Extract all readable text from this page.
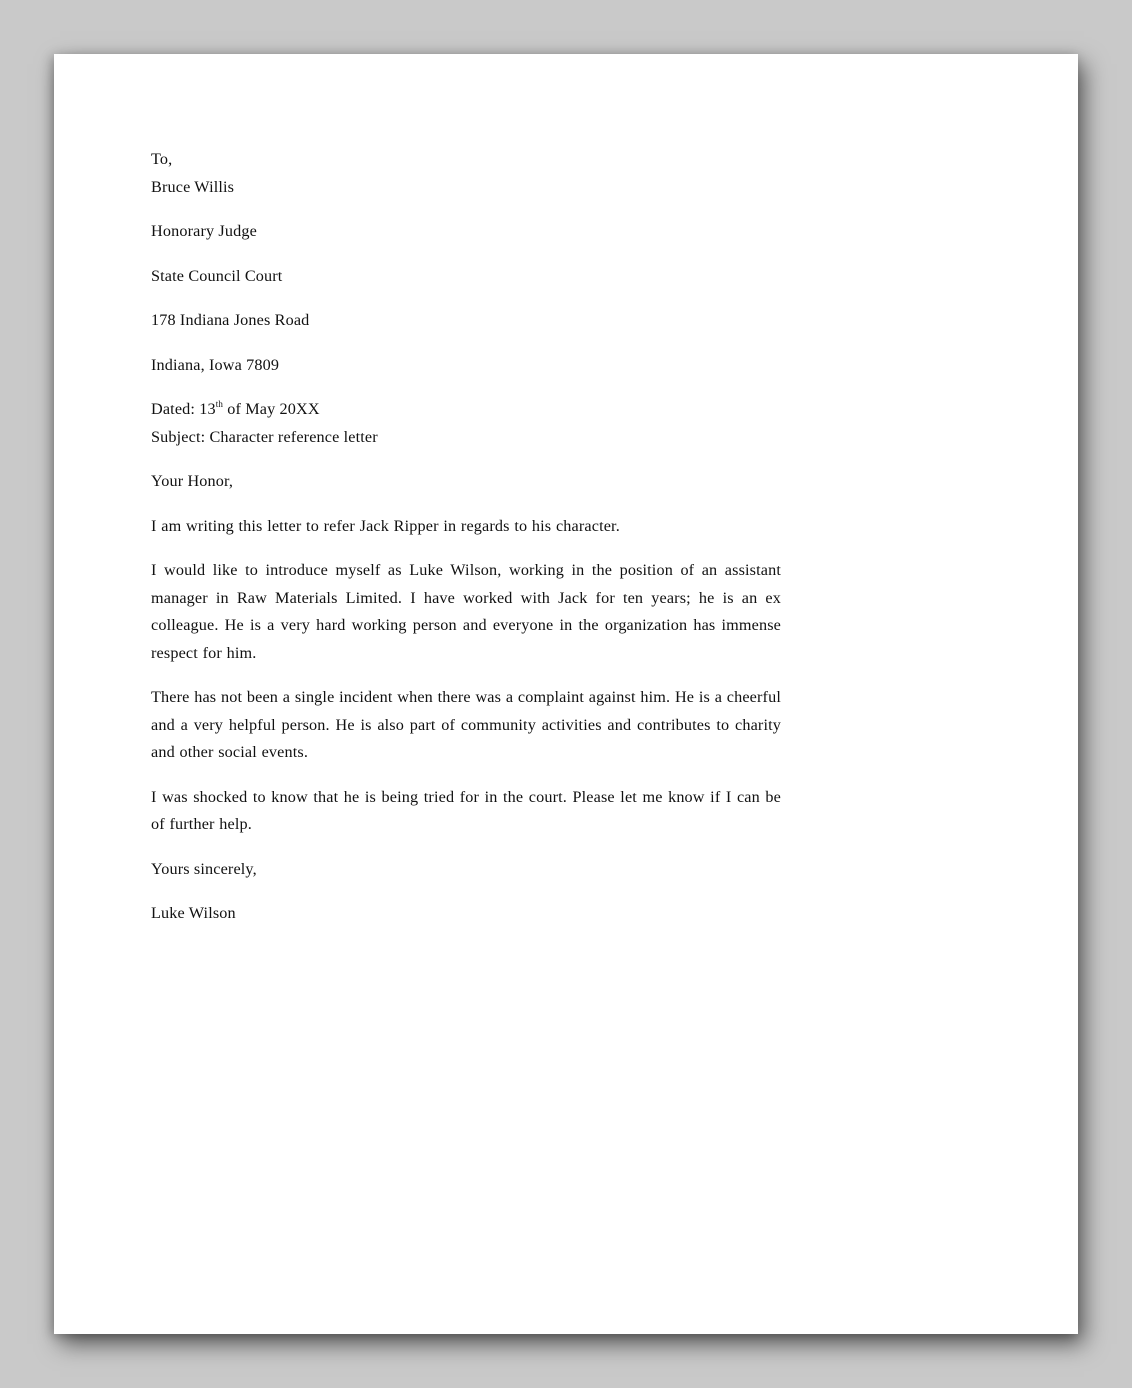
To,

Bruce Willis

Honorary Judge

State Council Court

178 Indiana Jones Road

Indiana, Iowa 7809

Dated: 13th of May 20XX

Subject: Character reference letter

Your Honor,

I am writing this letter to refer Jack Ripper in regards to his character.

I would like to introduce myself as Luke Wilson, working in the position of an assistant manager in Raw Materials Limited. I have worked with Jack for ten years; he is an ex colleague. He is a very hard working person and everyone in the organization has immense respect for him.

There has not been a single incident when there was a complaint against him. He is a cheerful and a very helpful person. He is also part of community activities and contributes to charity and other social events.

I was shocked to know that he is being tried for in the court. Please let me know if I can be of further help.

Yours sincerely,

Luke Wilson
